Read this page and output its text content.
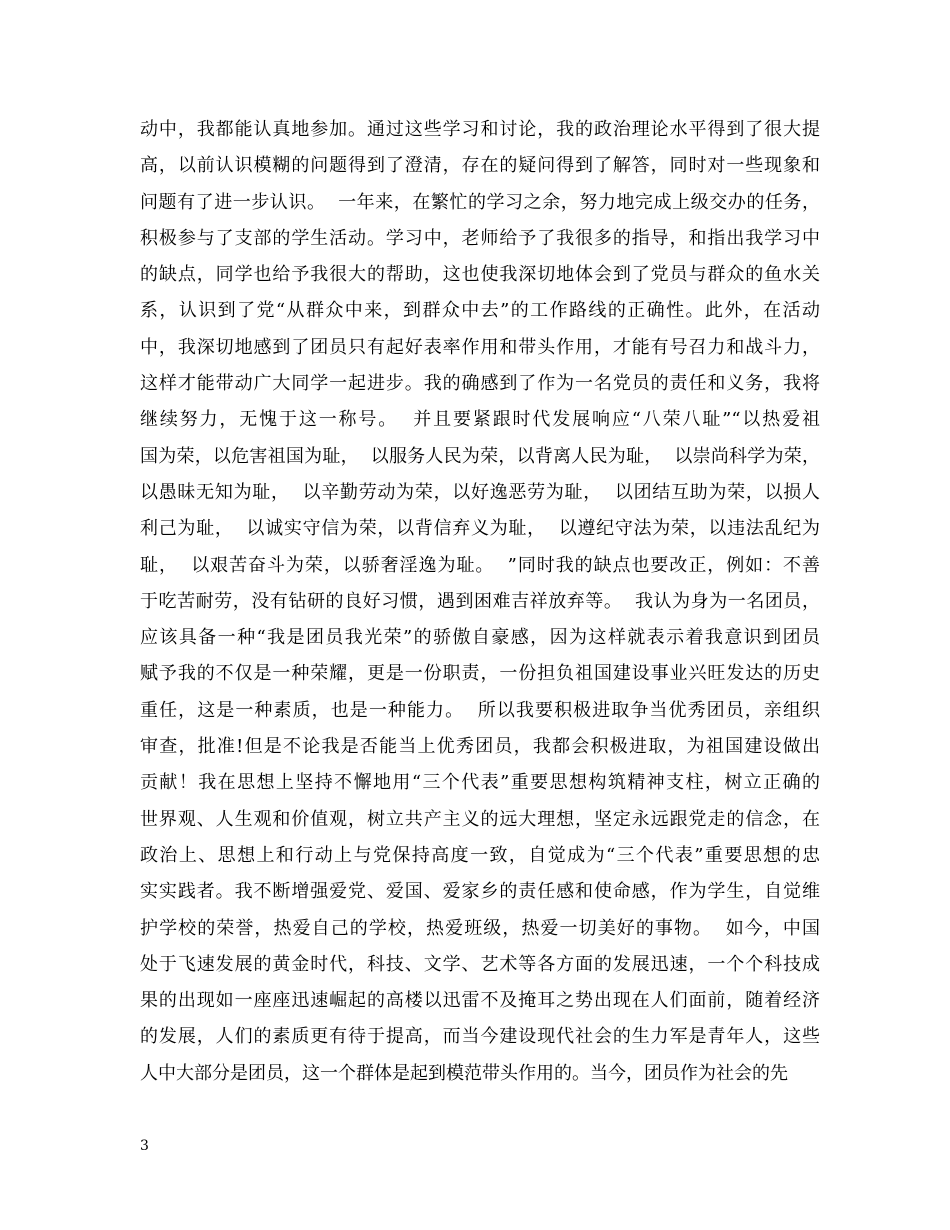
动中，我都能认真地参加。通过这些学习和讨论，我的政治理论水平得到了很大提
高，以前认识模糊的问题得到了澄清，存在的疑问得到了解答，同时对一些现象和
问题有了进一步认识。  一年来，在繁忙的学习之余，努力地完成上级交办的任务，
积极参与了支部的学生活动。学习中，老师给予了我很多的指导，和指出我学习中
的缺点，同学也给予我很大的帮助，这也使我深切地体会到了党员与群众的鱼水关
系，认识到了党“从群众中来，到群众中去”的工作路线的正确性。此外，在活动
中，我深切地感到了团员只有起好表率作用和带头作用，才能有号召力和战斗力，
这样才能带动广大同学一起进步。我的确感到了作为一名党员的责任和义务，我将
继续努力，无愧于这一称号。  并且要紧跟时代发展响应“八荣八耻”“以热爱祖
国为荣，以危害祖国为耻，  以服务人民为荣，以背离人民为耻，  以崇尚科学为荣，
以愚昧无知为耻，  以辛勤劳动为荣，以好逸恶劳为耻，  以团结互助为荣，以损人
利己为耻，  以诚实守信为荣，以背信弃义为耻，  以遵纪守法为荣，以违法乱纪为
耻，  以艰苦奋斗为荣，以骄奢淫逸为耻。  ”同时我的缺点也要改正，例如：不善
于吃苦耐劳，没有钻研的良好习惯，遇到困难吉祥放弃等。  我认为身为一名团员，
应该具备一种“我是团员我光荣”的骄傲自豪感，因为这样就表示着我意识到团员
赋予我的不仅是一种荣耀，更是一份职责，一份担负祖国建设事业兴旺发达的历史
重任，这是一种素质，也是一种能力。  所以我要积极进取争当优秀团员，亲组织
审查，批准!但是不论我是否能当上优秀团员，我都会积极进取，为祖国建设做出
贡献！我在思想上坚持不懈地用“三个代表”重要思想构筑精神支柱，树立正确的
世界观、人生观和价值观，树立共产主义的远大理想，坚定永远跟党走的信念，在
政治上、思想上和行动上与党保持高度一致，自觉成为“三个代表”重要思想的忠
实实践者。我不断增强爱党、爱国、爱家乡的责任感和使命感，作为学生，自觉维
护学校的荣誉，热爱自己的学校，热爱班级，热爱一切美好的事物。  如今，中国
处于飞速发展的黄金时代，科技、文学、艺术等各方面的发展迅速，一个个科技成
果的出现如一座座迅速崛起的高楼以迅雷不及掩耳之势出现在人们面前，随着经济
的发展，人们的素质更有待于提高，而当今建设现代社会的生力军是青年人，这些
人中大部分是团员，这一个群体是起到模范带头作用的。当今，团员作为社会的先
3
